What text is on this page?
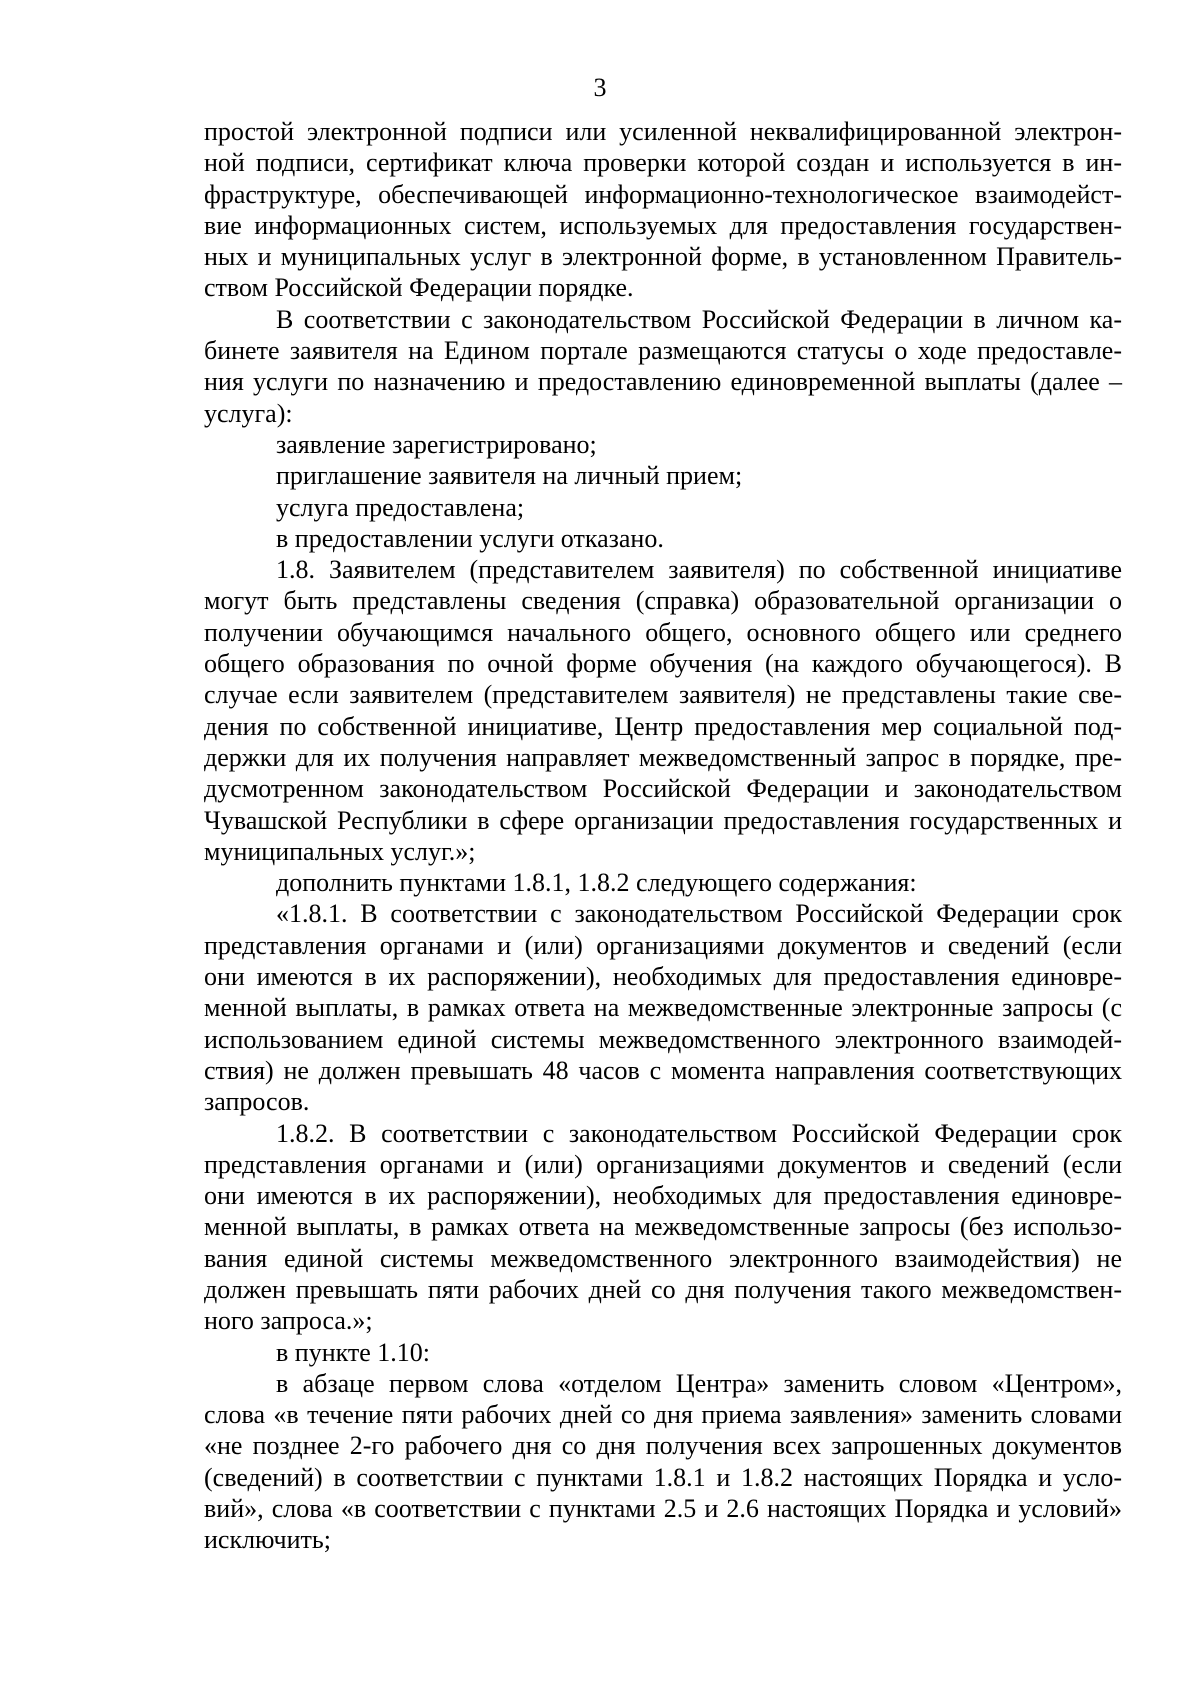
3
простой электронной подписи или усиленной неквалифицированной электрон-
ной подписи, сертификат ключа проверки которой создан и используется в ин-
фраструктуре, обеспечивающей информационно-технологическое взаимодейст-
вие информационных систем, используемых для предоставления государствен-
ных и муниципальных услуг в электронной форме, в установленном Правитель-
ством Российской Федерации порядке.
В соответствии с законодательством Российской Федерации в личном ка-
бинете заявителя на Едином портале размещаются статусы о ходе предоставле-
ния услуги по назначению и предоставлению единовременной выплаты (далее –
услуга):
заявление зарегистрировано;
приглашение заявителя на личный прием;
услуга предоставлена;
в предоставлении услуги отказано.
1.8. Заявителем (представителем заявителя) по собственной инициативе
могут быть представлены сведения (справка) образовательной организации о
получении обучающимся начального общего, основного общего или среднего
общего образования по очной форме обучения (на каждого обучающегося). В
случае если заявителем (представителем заявителя) не представлены такие све-
дения по собственной инициативе, Центр предоставления мер социальной под-
держки для их получения направляет межведомственный запрос в порядке, пре-
дусмотренном законодательством Российской Федерации и законодательством
Чувашской Республики в сфере организации предоставления государственных и
муниципальных услуг.»;
дополнить пунктами 1.8.1, 1.8.2 следующего содержания:
«1.8.1. В соответствии с законодательством Российской Федерации срок
представления органами и (или) организациями документов и сведений (если
они имеются в их распоряжении), необходимых для предоставления единовре-
менной выплаты, в рамках ответа на межведомственные электронные запросы (с
использованием единой системы межведомственного электронного взаимодей-
ствия) не должен превышать 48 часов с момента направления соответствующих
запросов.
1.8.2. В соответствии с законодательством Российской Федерации срок
представления органами и (или) организациями документов и сведений (если
они имеются в их распоряжении), необходимых для предоставления единовре-
менной выплаты, в рамках ответа на межведомственные запросы (без использо-
вания единой системы межведомственного электронного взаимодействия) не
должен превышать пяти рабочих дней со дня получения такого межведомствен-
ного запроса.»;
в пункте 1.10:
в абзаце первом слова «отделом Центра» заменить словом «Центром»,
слова «в течение пяти рабочих дней со дня приема заявления» заменить словами
«не позднее 2-го рабочего дня со дня получения всех запрошенных документов
(сведений) в соответствии с пунктами 1.8.1 и 1.8.2 настоящих Порядка и усло-
вий», слова «в соответствии с пунктами 2.5 и 2.6 настоящих Порядка и условий»
исключить;
